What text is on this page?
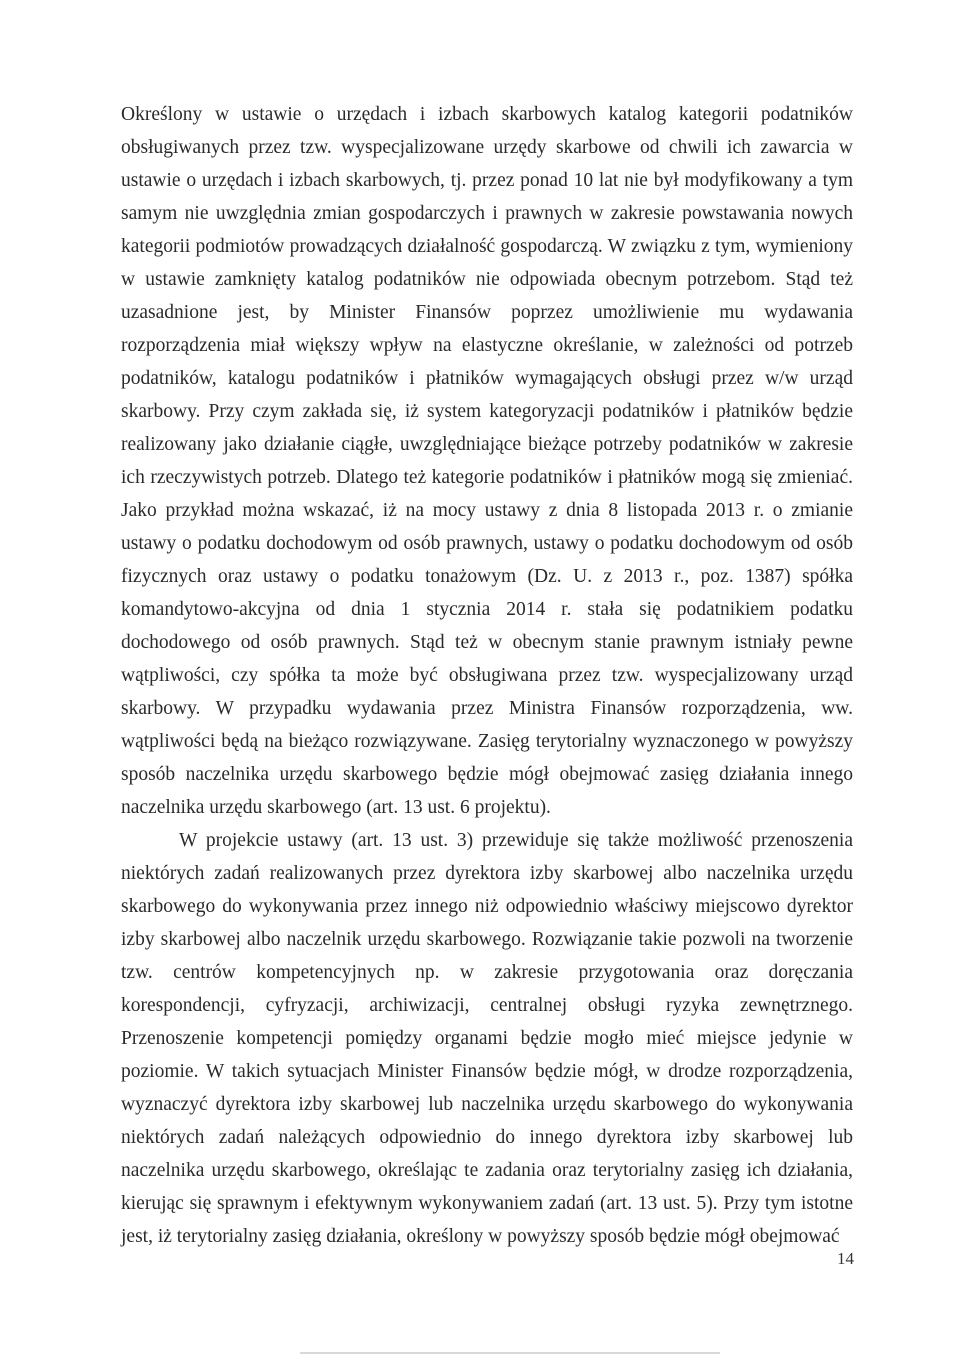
Określony w ustawie o urzędach i izbach skarbowych katalog kategorii podatników obsługiwanych przez tzw. wyspecjalizowane urzędy skarbowe od chwili ich zawarcia w ustawie o urzędach i izbach skarbowych, tj. przez ponad 10 lat nie był modyfikowany a tym samym nie uwzględnia zmian gospodarczych i prawnych w zakresie powstawania nowych kategorii podmiotów prowadzących działalność gospodarczą. W związku z tym, wymieniony w ustawie zamknięty katalog podatników nie odpowiada obecnym potrzebom. Stąd też uzasadnione jest, by Minister Finansów poprzez umożliwienie mu wydawania rozporządzenia miał większy wpływ na elastyczne określanie, w zależności od potrzeb podatników, katalogu podatników i płatników wymagających obsługi przez w/w urząd skarbowy. Przy czym zakłada się, iż system kategoryzacji podatników i płatników będzie realizowany jako działanie ciągłe, uwzględniające bieżące potrzeby podatników w zakresie ich rzeczywistych potrzeb. Dlatego też kategorie podatników i płatników mogą się zmieniać. Jako przykład można wskazać, iż na mocy ustawy z dnia 8 listopada 2013 r. o zmianie ustawy o podatku dochodowym od osób prawnych, ustawy o podatku dochodowym od osób fizycznych oraz ustawy o podatku tonażowym (Dz. U. z 2013 r., poz. 1387) spółka komandytowo-akcyjna od dnia 1 stycznia 2014 r. stała się podatnikiem podatku dochodowego od osób prawnych. Stąd też w obecnym stanie prawnym istniały pewne wątpliwości, czy spółka ta może być obsługiwana przez tzw. wyspecjalizowany urząd skarbowy. W przypadku wydawania przez Ministra Finansów rozporządzenia, ww. wątpliwości będą na bieżąco rozwiązywane. Zasięg terytorialny wyznaczonego w powyższy sposób naczelnika urzędu skarbowego będzie mógł obejmować zasięg działania innego naczelnika urzędu skarbowego (art. 13 ust. 6 projektu).

W projekcie ustawy (art. 13 ust. 3) przewiduje się także możliwość przenoszenia niektórych zadań realizowanych przez dyrektora izby skarbowej albo naczelnika urzędu skarbowego do wykonywania przez innego niż odpowiednio właściwy miejscowo dyrektor izby skarbowej albo naczelnik urzędu skarbowego. Rozwiązanie takie pozwoli na tworzenie tzw. centrów kompetencyjnych np. w zakresie przygotowania oraz doręczania korespondencji, cyfryzacji, archiwizacji, centralnej obsługi ryzyka zewnętrznego. Przenoszenie kompetencji pomiędzy organami będzie mogło mieć miejsce jedynie w poziomie. W takich sytuacjach Minister Finansów będzie mógł, w drodze rozporządzenia, wyznaczyć dyrektora izby skarbowej lub naczelnika urzędu skarbowego do wykonywania niektórych zadań należących odpowiednio do innego dyrektora izby skarbowej lub naczelnika urzędu skarbowego, określając te zadania oraz terytorialny zasięg ich działania, kierując się sprawnym i efektywnym wykonywaniem zadań (art. 13 ust. 5). Przy tym istotne jest, iż terytorialny zasięg działania, określony w powyższy sposób będzie mógł obejmować

14
